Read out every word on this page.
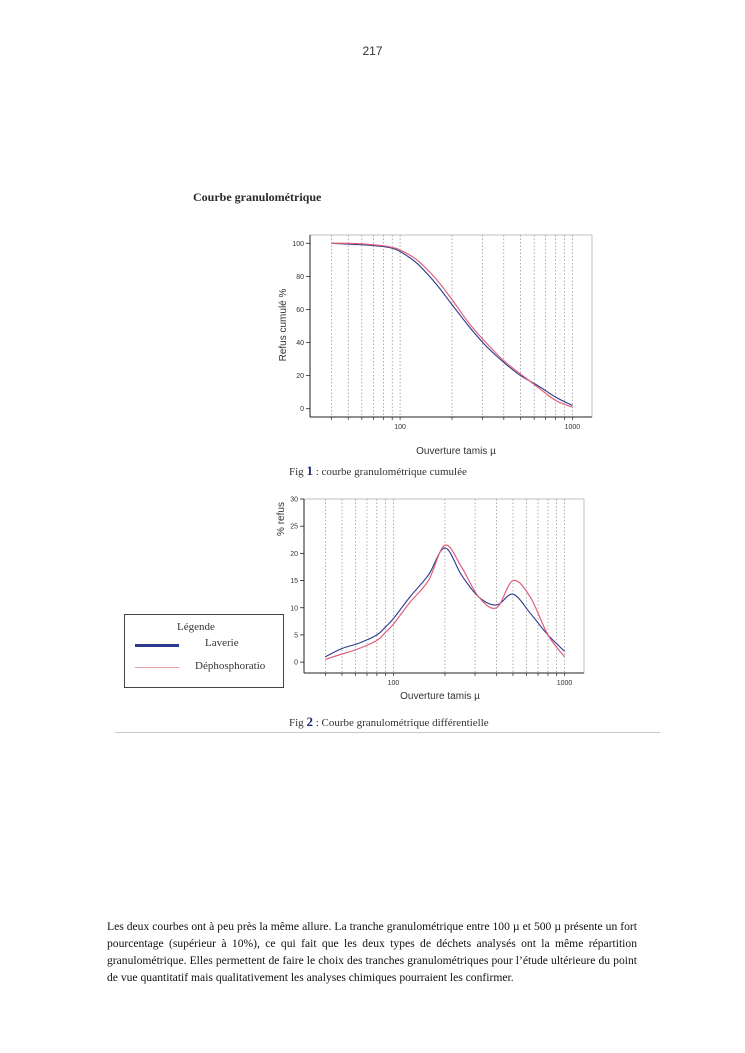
217
Courbe granulométrique
0
20
40
60
80
100
100	1000
Ouverture tamis µ
Refus cumulé %
Fig 1 : courbe granulométrique cumulée
0
5
10
15
20
25
30
100	1000
Ouverture tamis µ
% refus
Légende
Laverie
Déphosphoratio
Fig 2 : Courbe granulométrique différentielle
Les deux courbes ont à peu près la même allure. La tranche granulométrique entre 100 µ et 500 µ présente un fort pourcentage (supérieur à 10%), ce qui fait que les deux types de déchets analysés ont la même répartition granulométrique. Elles permettent de faire le choix des tranches granulométriques pour l’étude ultérieure du point de vue quantitatif mais qualitativement les analyses chimiques pourraient les confirmer.
